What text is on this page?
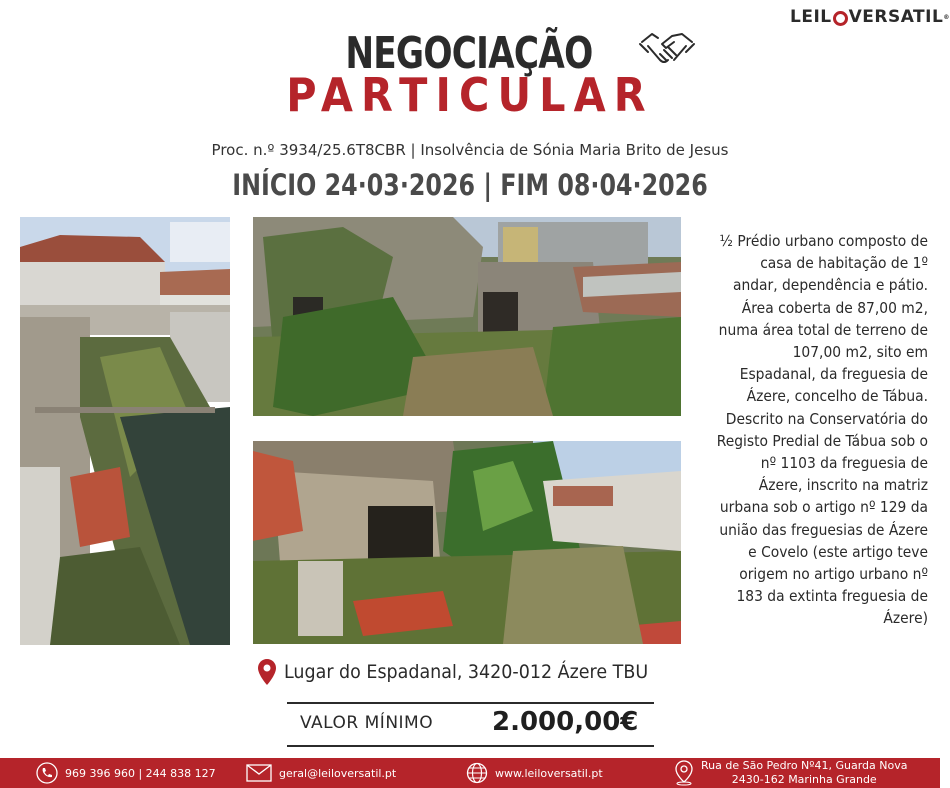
LEIL VERSATIL ®
NEGOCIAÇÃO
PARTICULAR
Proc. n.º 3934/25.6T8CBR | Insolvência de Sónia Maria Brito de Jesus
INÍCIO 24·03·2026 | FIM 08·04·2026
½ Prédio urbano composto de casa de habitação de 1º andar, dependência e pátio. Área coberta de 87,00 m2, numa área total de terreno de 107,00 m2, sito em Espadanal, da freguesia de Ázere, concelho de Tábua. Descrito na Conservatória do Registo Predial de Tábua sob o nº 1103 da freguesia de Ázere, inscrito na matriz urbana sob o artigo nº 129 da união das freguesias de Ázere e Covelo (este artigo teve origem no artigo urbano nº 183 da extinta freguesia de Ázere)
Lugar do Espadanal, 3420-012 Ázere TBU
VALOR MÍNIMO 2.000,00€
969 396 960 | 244 838 127	geral@leiloversatil.pt	www.leiloversatil.pt
Rua de São Pedro Nº41, Guarda Nova
2430-162 Marinha Grande
